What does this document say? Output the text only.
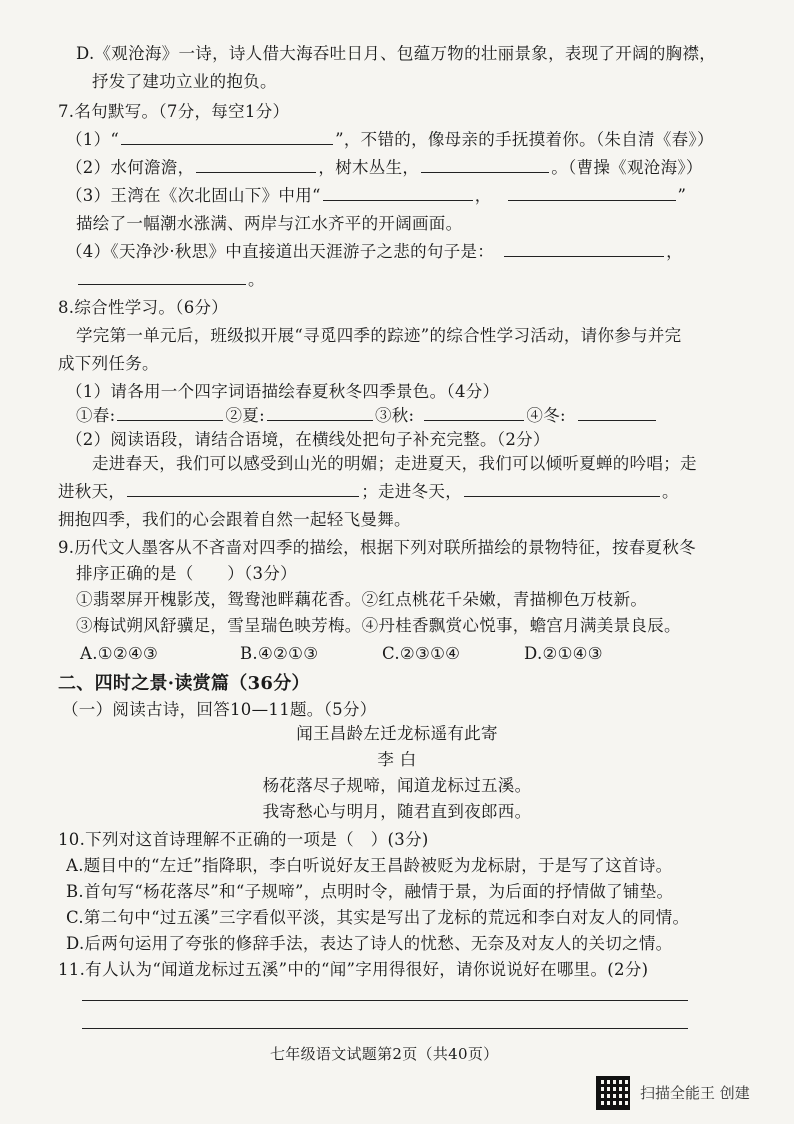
D.《观沧海》一诗，诗人借大海吞吐日月、包蕴万物的壮丽景象，表现了开阔的胸襟，
抒发了建功立业的抱负。
7.名句默写。（7分，每空1分）
（1）“	”，不错的，像母亲的手抚摸着你。（朱自清《春》）
（2）水何澹澹，	，树木丛生，	。（曹操《观沧海》）
（3）王湾在《次北固山下》中用“	，	”
描绘了一幅潮水涨满、两岸与江水齐平的开阔画面。
（4）《天净沙·秋思》中直接道出天涯游子之悲的句子是：	，
。
8.综合性学习。（6分）
学完第一单元后，班级拟开展“寻觅四季的踪迹”的综合性学习活动，请你参与并完
成下列任务。
（1）请各用一个四字词语描绘春夏秋冬四季景色。（4分）
①春:	②夏:	③秋:	④冬:
（2）阅读语段，请结合语境，在横线处把句子补充完整。（2分）
走进春天，我们可以感受到山光的明媚；走进夏天，我们可以倾听夏蝉的吟唱；走
进秋天，	；走进冬天，	。
拥抱四季，我们的心会跟着自然一起轻飞曼舞。
9.历代文人墨客从不吝啬对四季的描绘，根据下列对联所描绘的景物特征，按春夏秋冬
排序正确的是（　　）（3分）
①翡翠屏开槐影茂，鸳鸯池畔藕花香。②红点桃花千朵嫩，青描柳色万枝新。
③梅试朔风舒骥足，雪呈瑞色映芳梅。④丹桂香飘赏心悦事，蟾宫月满美景良辰。
A.①②④③	B.④②①③	C.②③①④	D.②①④③
二、四时之景·读赏篇（36分）
（一）阅读古诗，回答10—11题。（5分）
闻王昌龄左迁龙标遥有此寄
李 白
杨花落尽子规啼，闻道龙标过五溪。
我寄愁心与明月，随君直到夜郎西。
10.下列对这首诗理解不正确的一项是（　）(3分)
A.题目中的“左迁”指降职，李白听说好友王昌龄被贬为龙标尉，于是写了这首诗。
B.首句写“杨花落尽”和“子规啼”，点明时令，融情于景，为后面的抒情做了铺垫。
C.第二句中“过五溪”三字看似平淡，其实是写出了龙标的荒远和李白对友人的同情。
D.后两句运用了夸张的修辞手法，表达了诗人的忧愁、无奈及对友人的关切之情。
11.有人认为“闻道龙标过五溪”中的“闻”字用得很好，请你说说好在哪里。(2分)
七年级语文试题第2页（共40页）
扫描全能王 创建
